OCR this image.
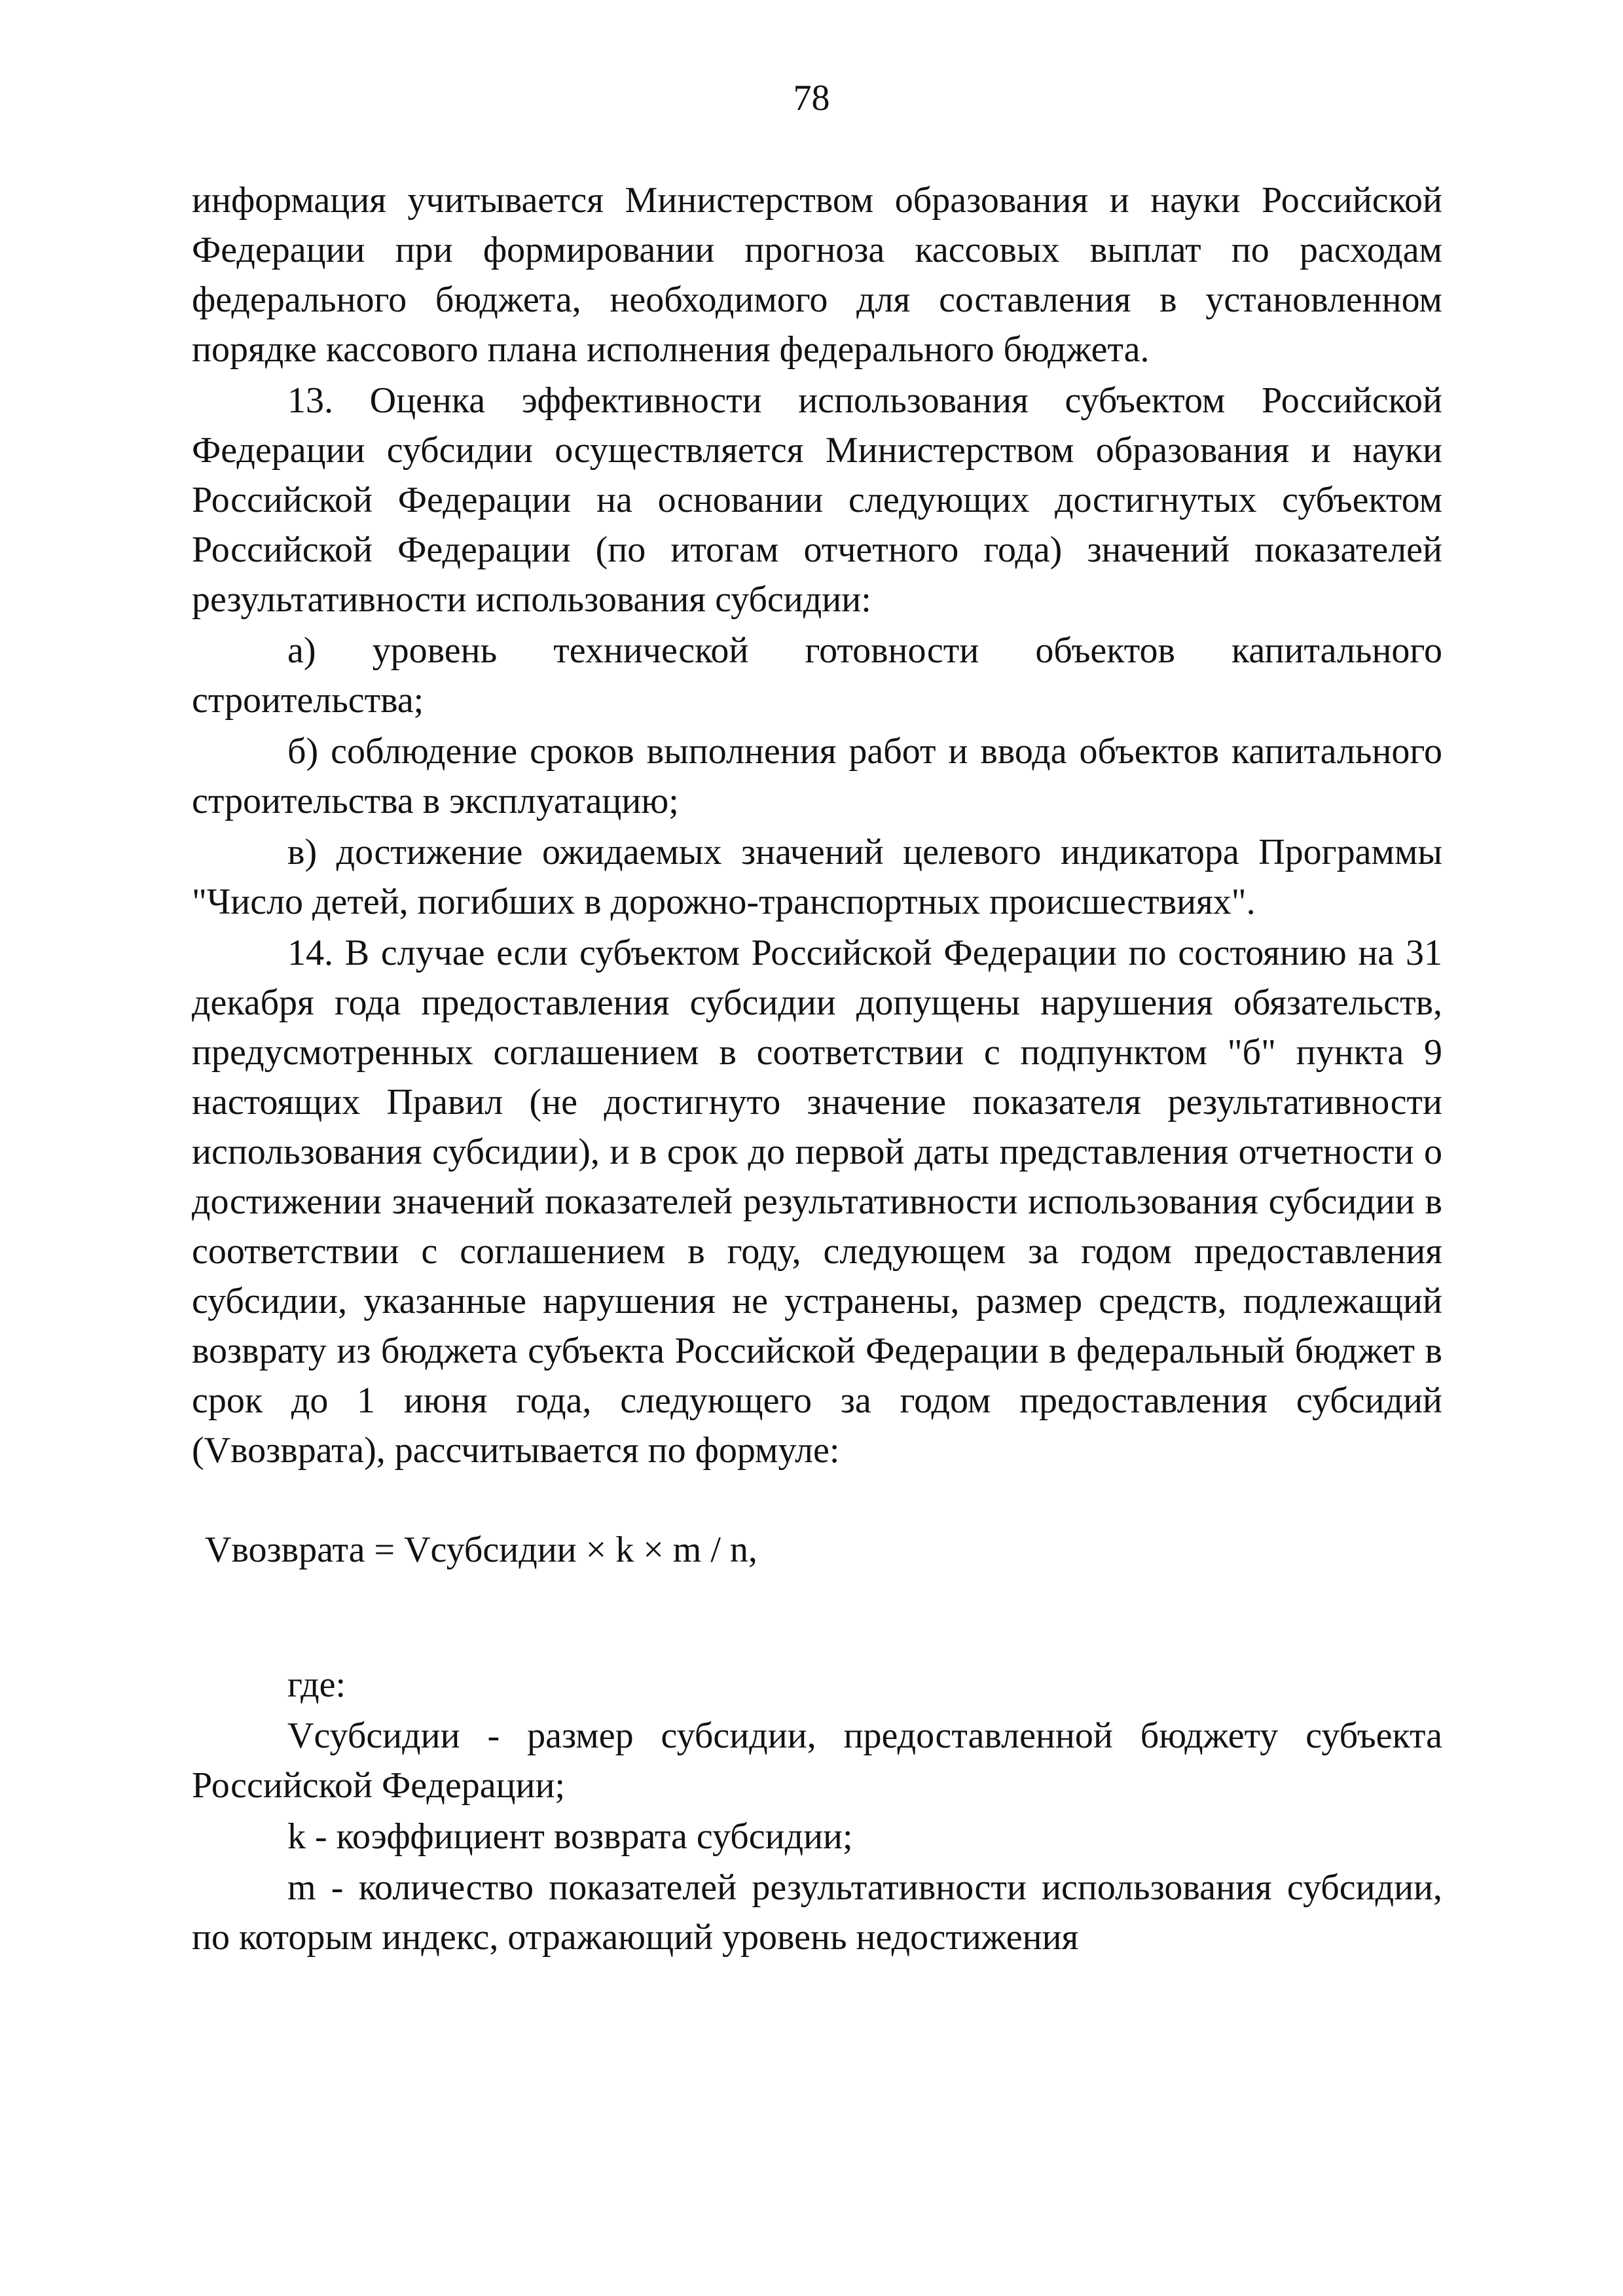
78

информация учитывается Министерством образования и науки Российской Федерации при формировании прогноза кассовых выплат по расходам федерального бюджета, необходимого для составления в установленном порядке кассового плана исполнения федерального бюджета.

13. Оценка эффективности использования субъектом Российской Федерации субсидии осуществляется Министерством образования и науки Российской Федерации на основании следующих достигнутых субъектом Российской Федерации (по итогам отчетного года) значений показателей результативности использования субсидии:

а) уровень технической готовности объектов капитального строительства;

б) соблюдение сроков выполнения работ и ввода объектов капитального строительства в эксплуатацию;

в) достижение ожидаемых значений целевого индикатора Программы "Число детей, погибших в дорожно-транспортных происшествиях".

14. В случае если субъектом Российской Федерации по состоянию на 31 декабря года предоставления субсидии допущены нарушения обязательств, предусмотренных соглашением в соответствии с подпунктом "б" пункта 9 настоящих Правил (не достигнуто значение показателя результативности использования субсидии), и в срок до первой даты представления отчетности о достижении значений показателей результативности использования субсидии в соответствии с соглашением в году, следующем за годом предоставления субсидии, указанные нарушения не устранены, размер средств, подлежащий возврату из бюджета субъекта Российской Федерации в федеральный бюджет в срок до 1 июня года, следующего за годом предоставления субсидий (Vвозврата), рассчитывается по формуле:

Vвозврата = Vсубсидии × k × m / n,

где:

Vсубсидии - размер субсидии, предоставленной бюджету субъекта Российской Федерации;

k - коэффициент возврата субсидии;

m - количество показателей результативности использования субсидии, по которым индекс, отражающий уровень недостижения
